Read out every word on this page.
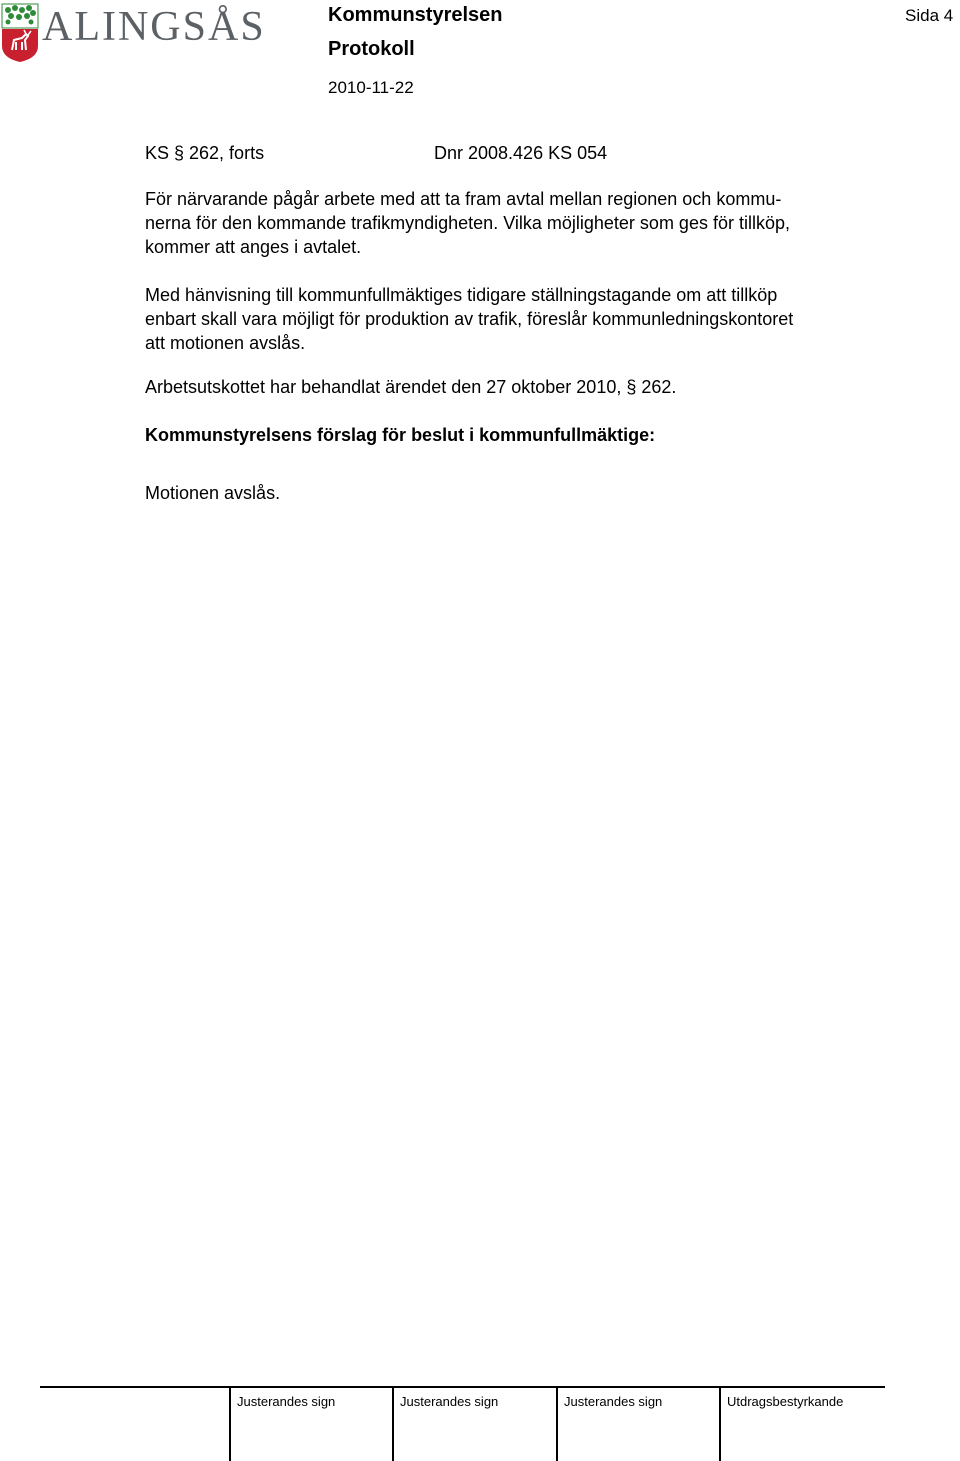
ALINGSÅS	Kommunstyrelsen
Protokoll
2010-11-22
Sida 4
KS § 262, forts	Dnr 2008.426 KS 054

För närvarande pågår arbete med att ta fram avtal mellan regionen och kommu-
nerna för den kommande trafikmyndigheten. Vilka möjligheter som ges för tillköp,
kommer att anges i avtalet.

Med hänvisning till kommunfullmäktiges tidigare ställningstagande om att tillköp
enbart skall vara möjligt för produktion av trafik, föreslår kommunledningskontoret
att motionen avslås.

Arbetsutskottet har behandlat ärendet den 27 oktober 2010, § 262.

Kommunstyrelsens förslag för beslut i kommunfullmäktige:
Motionen avslås.
Justerandes sign	Justerandes sign	Justerandes sign	Utdragsbestyrkande
